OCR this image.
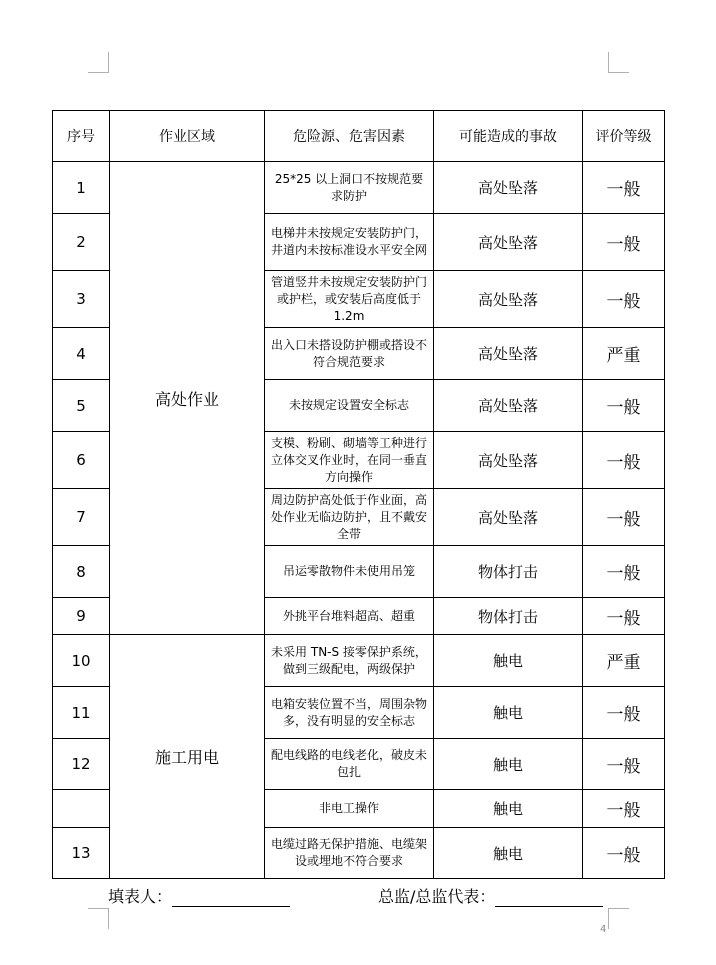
序号	作业区域	危险源、危害因素	可能造成的事故	评价等级
1	高处作业	25*25 以上洞口不按规范要求防护	高处坠落	一般
2		电梯井未按规定安装防护门，井道内未按标准设水平安全网	高处坠落	一般
3		管道竖井未按规定安装防护门或护栏，或安装后高度低于 1.2m	高处坠落	一般
4		出入口未搭设防护棚或搭设不符合规范要求	高处坠落	严重
5		未按规定设置安全标志	高处坠落	一般
6		支模、粉刷、砌墙等工种进行立体交叉作业时，在同一垂直方向操作	高处坠落	一般
7		周边防护高处低于作业面，高处作业无临边防护，且不戴安全带	高处坠落	一般
8		吊运零散物件未使用吊笼	物体打击	一般
9		外挑平台堆料超高、超重	物体打击	一般
10	施工用电	未采用 TN-S 接零保护系统，做到三级配电，两级保护	触电	严重
11		电箱安装位置不当，周围杂物多，没有明显的安全标志	触电	一般
12		配电线路的电线老化，破皮未包扎	触电	一般
		非电工操作	触电	一般
13		电缆过路无保护措施、电缆架设或埋地不符合要求	触电	一般
填表人：	总监/总监代表：
4
